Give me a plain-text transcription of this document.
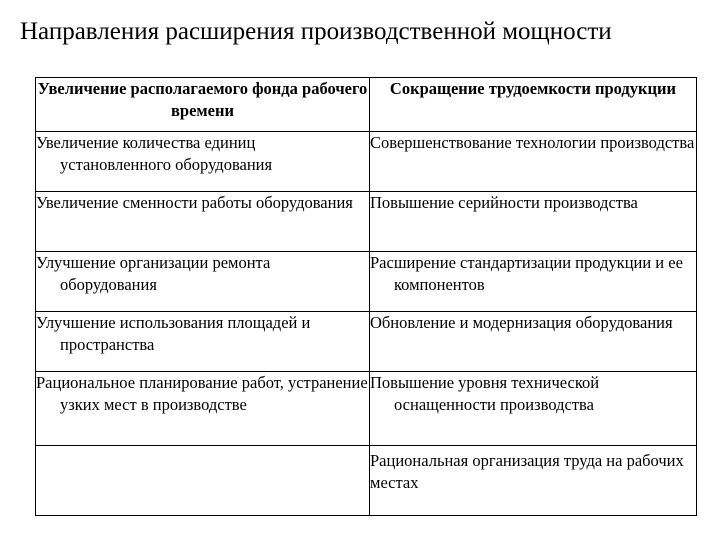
Направления расширения производственной мощности
Увеличение располагаемого фонда рабочего времени	Сокращение трудоемкости продукции

Увеличение количества единиц установленного оборудования	Совершенствование технологии производства

Увеличение сменности работы оборудования	Повышение серийности производства

Улучшение организации ремонта оборудования	Расширение стандартизации продукции и ее компонентов

Улучшение использования площадей и пространства	Обновление и модернизация оборудования

Рациональное планирование работ, устранение узких мест в производстве	Повышение уровня технической оснащенности производства

	Рациональная организация труда на рабочих местах
